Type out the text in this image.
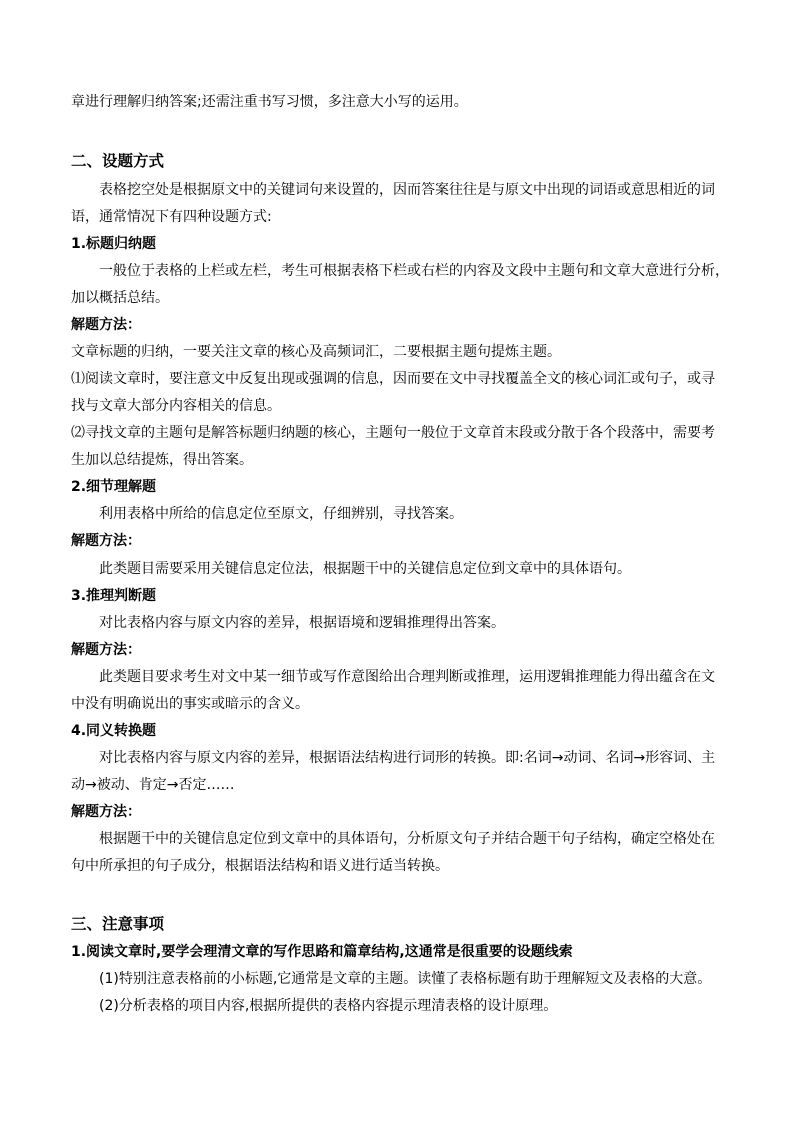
章进行理解归纳答案;还需注重书写习惯，多注意大小写的运用。
二、设题方式
表格挖空处是根据原文中的关键词句来设置的，因而答案往往是与原文中出现的词语或意思相近的词
语，通常情况下有四种设题方式:
1.标题归纳题
一般位于表格的上栏或左栏，考生可根据表格下栏或右栏的内容及文段中主题句和文章大意进行分析，
加以概括总结。
解题方法：
文章标题的归纳，一要关注文章的核心及高频词汇，二要根据主题句提炼主题。
⑴阅读文章时，要注意文中反复出现或强调的信息，因而要在文中寻找覆盖全文的核心词汇或句子，或寻
找与文章大部分内容相关的信息。
⑵寻找文章的主题句是解答标题归纳题的核心，主题句一般位于文章首末段或分散于各个段落中，需要考
生加以总结提炼，得出答案。
2.细节理解题
利用表格中所给的信息定位至原文，仔细辨别，寻找答案。
解题方法：
此类题目需要采用关键信息定位法，根据题干中的关键信息定位到文章中的具体语句。
3.推理判断题
对比表格内容与原文内容的差异，根据语境和逻辑推理得出答案。
解题方法：
此类题目要求考生对文中某一细节或写作意图给出合理判断或推理，运用逻辑推理能力得出蕴含在文
中没有明确说出的事实或暗示的含义。
4.同义转换题
对比表格内容与原文内容的差异，根据语法结构进行词形的转换。即:名词→动词、名词→形容词、主
动→被动、肯定→否定……
解题方法：
根据题干中的关键信息定位到文章中的具体语句，分析原文句子并结合题干句子结构，确定空格处在
句中所承担的句子成分，根据语法结构和语义进行适当转换。
三、注意事项
1.阅读文章时,要学会理清文章的写作思路和篇章结构,这通常是很重要的设题线索
(1)特别注意表格前的小标题,它通常是文章的主题。读懂了表格标题有助于理解短文及表格的大意。
(2)分析表格的项目内容,根据所提供的表格内容提示理清表格的设计原理。
